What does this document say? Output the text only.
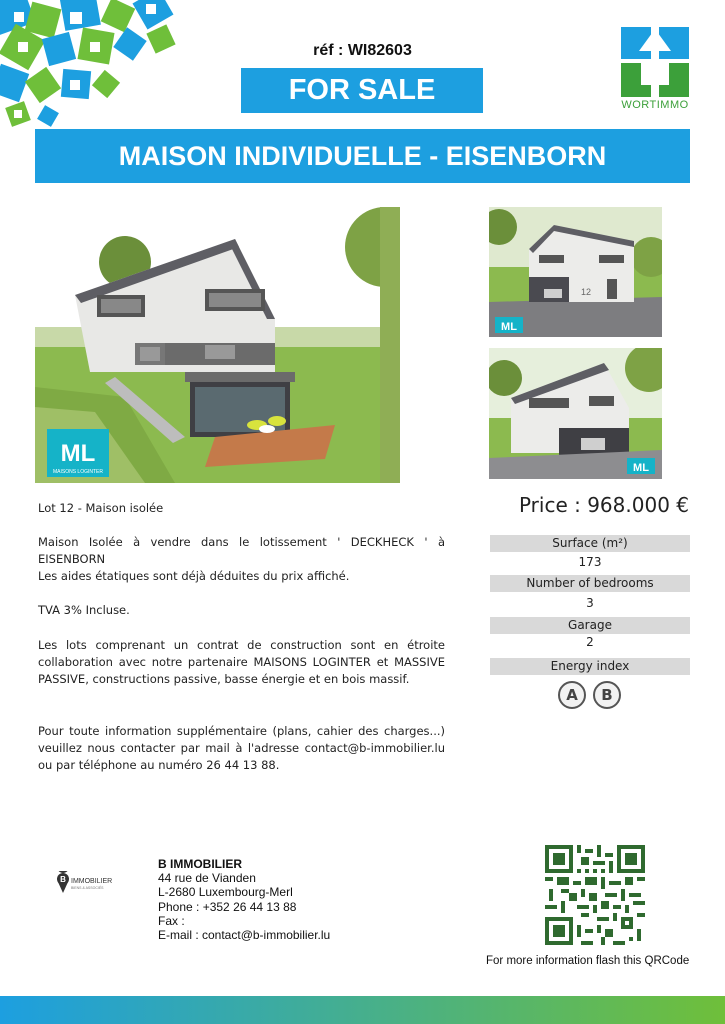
réf : WI82603
FOR SALE	WORTIMMO
MAISON INDIVIDUELLE - EISENBORN
ML
MAISONS LOGINTER
12
ML
ML

Lot 12 - Maison isolée

Maison Isolée à vendre dans le lotissement ' DECKHECK ' à EISENBORN

Les aides étatiques sont déjà déduites du prix affiché.

TVA 3% Incluse.

Les lots comprenant un contrat de construction sont en étroite collaboration avec notre partenaire MAISONS LOGINTER et MASSIVE PASSIVE, constructions passive, basse énergie et en bois massif.

Pour toute information supplémentaire (plans, cahier des charges...) veuillez nous contacter par mail à l'adresse contact@b-immobilier.lu ou par téléphone au numéro 26 44 13 88.

Price : 968.000 €
Surface (m²)
173
Number of bedrooms
3
Garage
2
Energy index
A	B
B IMMOBILIER
BIENS & ASSOCIÉS
B IMMOBILIER
44 rue de Vianden
L-2680 Luxembourg-Merl
Phone : +352 26 44 13 88
Fax :
E-mail : contact@b-immobilier.lu
For more information flash this QRCode
